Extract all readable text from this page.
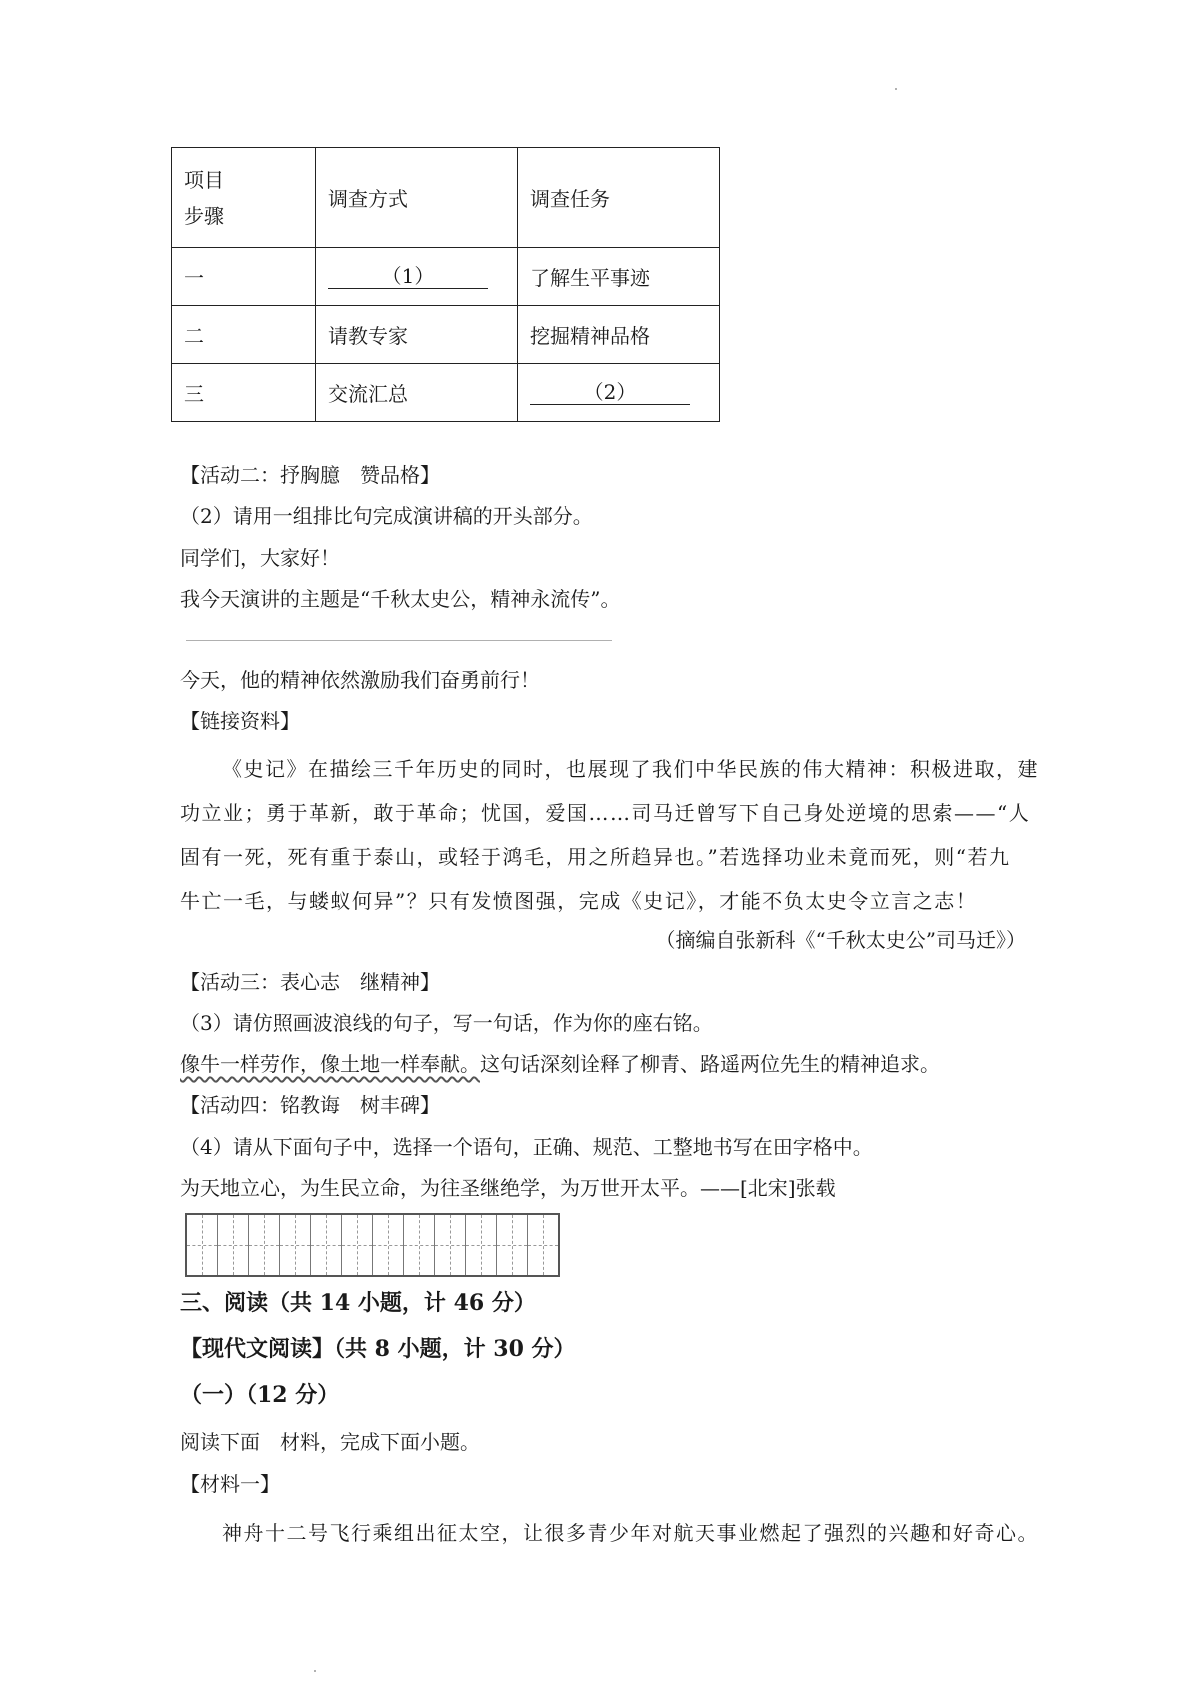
项目
步骤	调查方式	调查任务
一	（1）	了解生平事迹
二	请教专家	挖掘精神品格
三	交流汇总	（2）
【活动二：抒胸臆　赞品格】
（2）请用一组排比句完成演讲稿的开头部分。
同学们，大家好！
我今天演讲的主题是“千秋太史公，精神永流传”。
今天，他的精神依然激励我们奋勇前行！
【链接资料】
《史记》在描绘三千年历史的同时，也展现了我们中华民族的伟大精神：积极进取，建
功立业；勇于革新，敢于革命；忧国，爱国……司马迁曾写下自己身处逆境的思索——“人
固有一死，死有重于泰山，或轻于鸿毛，用之所趋异也。”若选择功业未竟而死，则“若九
牛亡一毛，与蝼蚁何异”？只有发愤图强，完成《史记》，才能不负太史令立言之志！
（摘编自张新科《“千秋太史公”司马迁》）
【活动三：表心志　继精神】
（3）请仿照画波浪线的句子，写一句话，作为你的座右铭。
像牛一样劳作，像土地一样奉献。这句话深刻诠释了柳青、路遥两位先生的精神追求。
【活动四：铭教诲　树丰碑】
（4）请从下面句子中，选择一个语句，正确、规范、工整地书写在田字格中。
为天地立心，为生民立命，为往圣继绝学，为万世开太平。——[北宋]张载
三、阅读（共 14 小题，计 46 分）
【现代文阅读】（共 8 小题，计 30 分）
（一）（12 分）
阅读下面　材料，完成下面小题。
【材料一】
神舟十二号飞行乘组出征太空，让很多青少年对航天事业燃起了强烈的兴趣和好奇心。
